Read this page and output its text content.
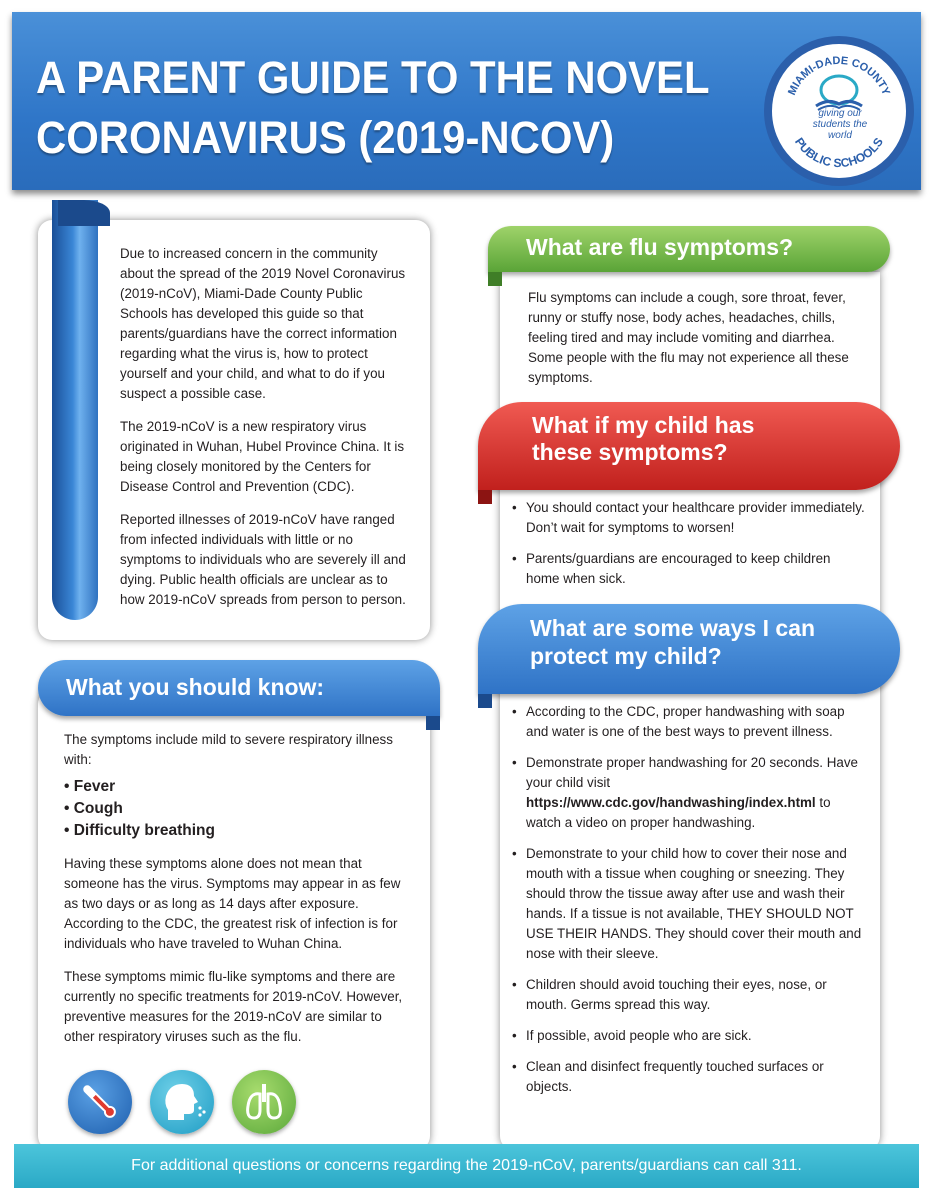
A PARENT GUIDE TO THE NOVEL
CORONAVIRUS (2019-NCOV)
MIAMI-DADE COUNTY
PUBLIC SCHOOLS
giving our students the world

Due to increased concern in the community about the spread of the 2019 Novel Coronavirus (2019-nCoV), Miami-Dade County Public Schools has developed this guide so that parents/guardians have the correct information regarding what the virus is, how to protect yourself and your child, and what to do if you suspect a possible case.

The 2019-nCoV is a new respiratory virus originated in Wuhan, Hubel Province China. It is being closely monitored by the Centers for Disease Control and Prevention (CDC).

Reported illnesses of 2019-nCoV have ranged from infected individuals with little or no symptoms to individuals who are severely ill and dying. Public health officials are unclear as to how 2019-nCoV spreads from person to person.

What you should know:

The symptoms include mild to severe respiratory illness with:

• Fever
• Cough
• Difficulty breathing

Having these symptoms alone does not mean that someone has the virus. Symptoms may appear in as few as two days or as long as 14 days after exposure. According to the CDC, the greatest risk of infection is for individuals who have traveled to Wuhan China.

These symptoms mimic flu-like symptoms and there are currently no specific treatments for 2019-nCoV. However, preventive measures for the 2019-nCoV are similar to other respiratory viruses such as the flu.

What are flu symptoms?
Flu symptoms can include a cough, sore throat, fever, runny or stuffy nose, body aches, headaches, chills, feeling tired and may include vomiting and diarrhea. Some people with the flu may not experience all these symptoms.
What if my child has
these symptoms?
• You should contact your healthcare provider immediately. Don’t wait for symptoms to worsen!
• Parents/guardians are encouraged to keep children home when sick.
What are some ways I can
protect my child?
• According to the CDC, proper handwashing with soap and water is one of the best ways to prevent illness.
• Demonstrate proper handwashing for 20 seconds. Have your child visit https://www.cdc.gov/handwashing/index.html to watch a video on proper handwashing.
• Demonstrate to your child how to cover their nose and mouth with a tissue when coughing or sneezing. They should throw the tissue away after use and wash their hands. If a tissue is not available, THEY SHOULD NOT USE THEIR HANDS. They should cover their mouth and nose with their sleeve.
• Children should avoid touching their eyes, nose, or mouth. Germs spread this way.
• If possible, avoid people who are sick.
• Clean and disinfect frequently touched surfaces or objects.
For additional questions or concerns regarding the 2019-nCoV, parents/guardians can call 311.
